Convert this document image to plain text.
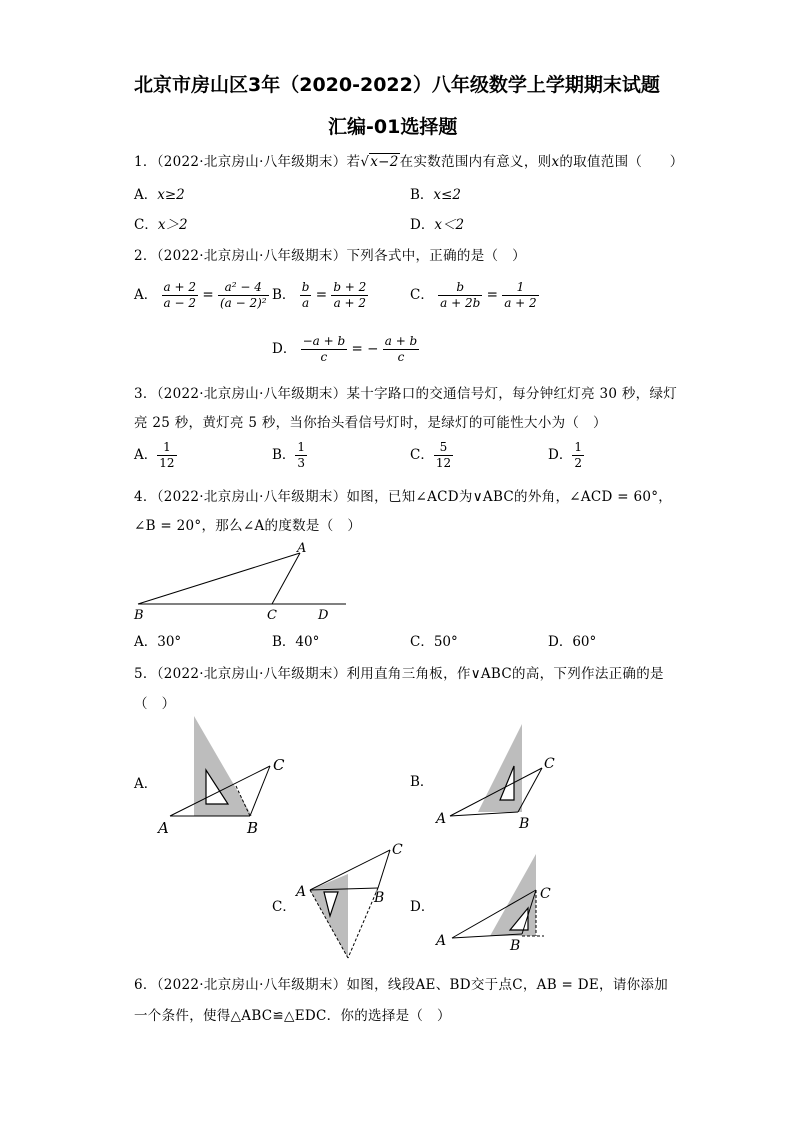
北京市房山区3年（2020-2022）八年级数学上学期期末试题
汇编-01选择题
1．（2022·北京房山·八年级期末）若√x−2在实数范围内有意义，则x的取值范围（　　）
A．x≥2	B．x≤2
C．x＞2	D．x＜2
2．（2022·北京房山·八年级期末）下列各式中，正确的是（　）
A． $\frac{a + 2}{a - 2} = \frac{\text{a² − 4}}{\text{(a − 2)²}}$ B． $\frac{b}{a} = \frac{b + 2}{a + 2}$	C． $\frac{b}{a + 2b} = \frac{1}{a + 2}$
D． $\frac{-a + b}{c}$ = − $\frac{a + b}{c}$
3．（2022·北京房山·八年级期末）某十字路口的交通信号灯，每分钟红灯亮 30 秒，绿灯
亮 25 秒，黄灯亮 5 秒，当你抬头看信号灯时，是绿灯的可能性大小为（　）
A． $\frac{1}{12}$	B． $\frac{1}{3}$	C． $\frac{5}{12}$	D． $\frac{1}{2}$
4．（2022·北京房山·八年级期末）如图，已知∠ACD为∨ABC的外角，∠ACD = 60°，
∠B = 20°，那么∠A的度数是（　）
A
B	C	D
A．30°	B．40°	C．50°	D．60°
5．（2022·北京房山·八年级期末）利用直角三角板，作∨ABC的高，下列作法正确的是
（　）
A．
A	B
C
B．
A	B
C
C．
A	B
C
D．
A	B
C
6．（2022·北京房山·八年级期末）如图，线段AE、BD交于点C，AB = DE，请你添加
一个条件，使得△ABC≌△EDC．你的选择是（　）
